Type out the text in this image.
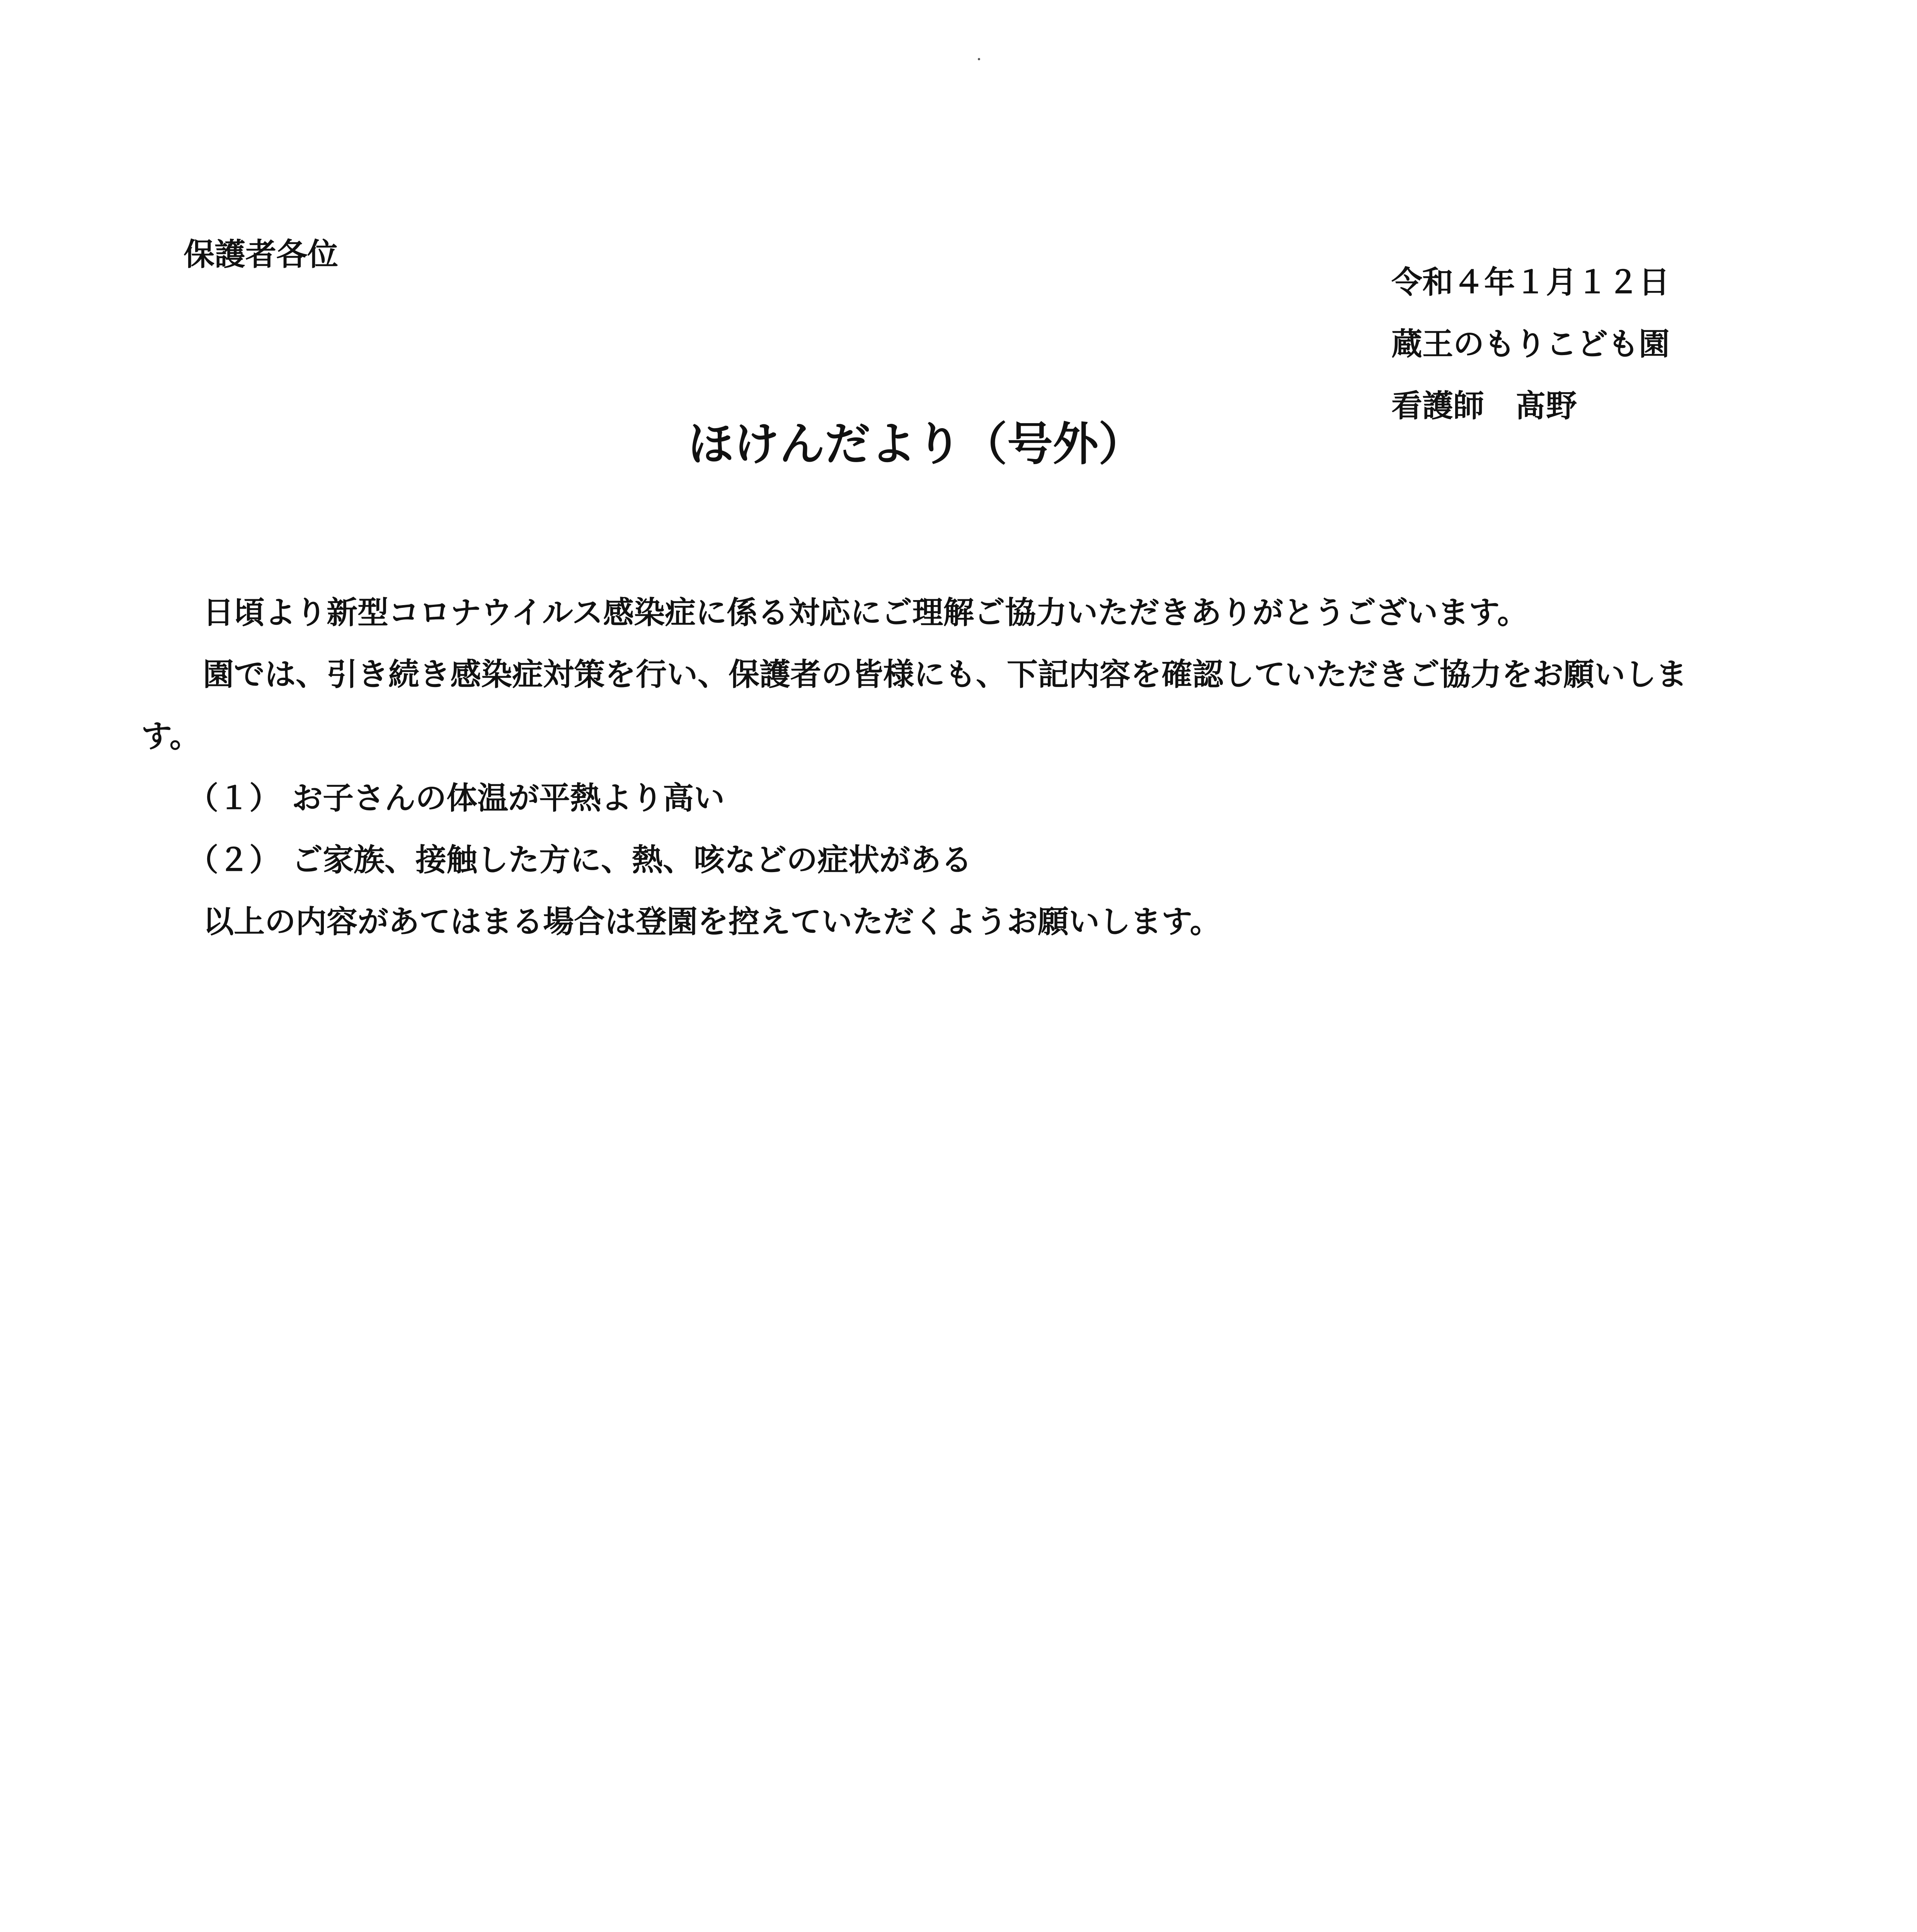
保護者各位
令和４年１月１２日
蔵王のもりこども園
看護師　髙野
ほけんだより（号外）

日頃より新型コロナウイルス感染症に係る対応にご理解ご協力いただきありがとうございます。

園では、引き続き感染症対策を行い、保護者の皆様にも、下記内容を確認していただきご協力をお願いします。

（１） お子さんの体温が平熱より高い

（２） ご家族、接触した方に、熱、咳などの症状がある

以上の内容があてはまる場合は登園を控えていただくようお願いします。
